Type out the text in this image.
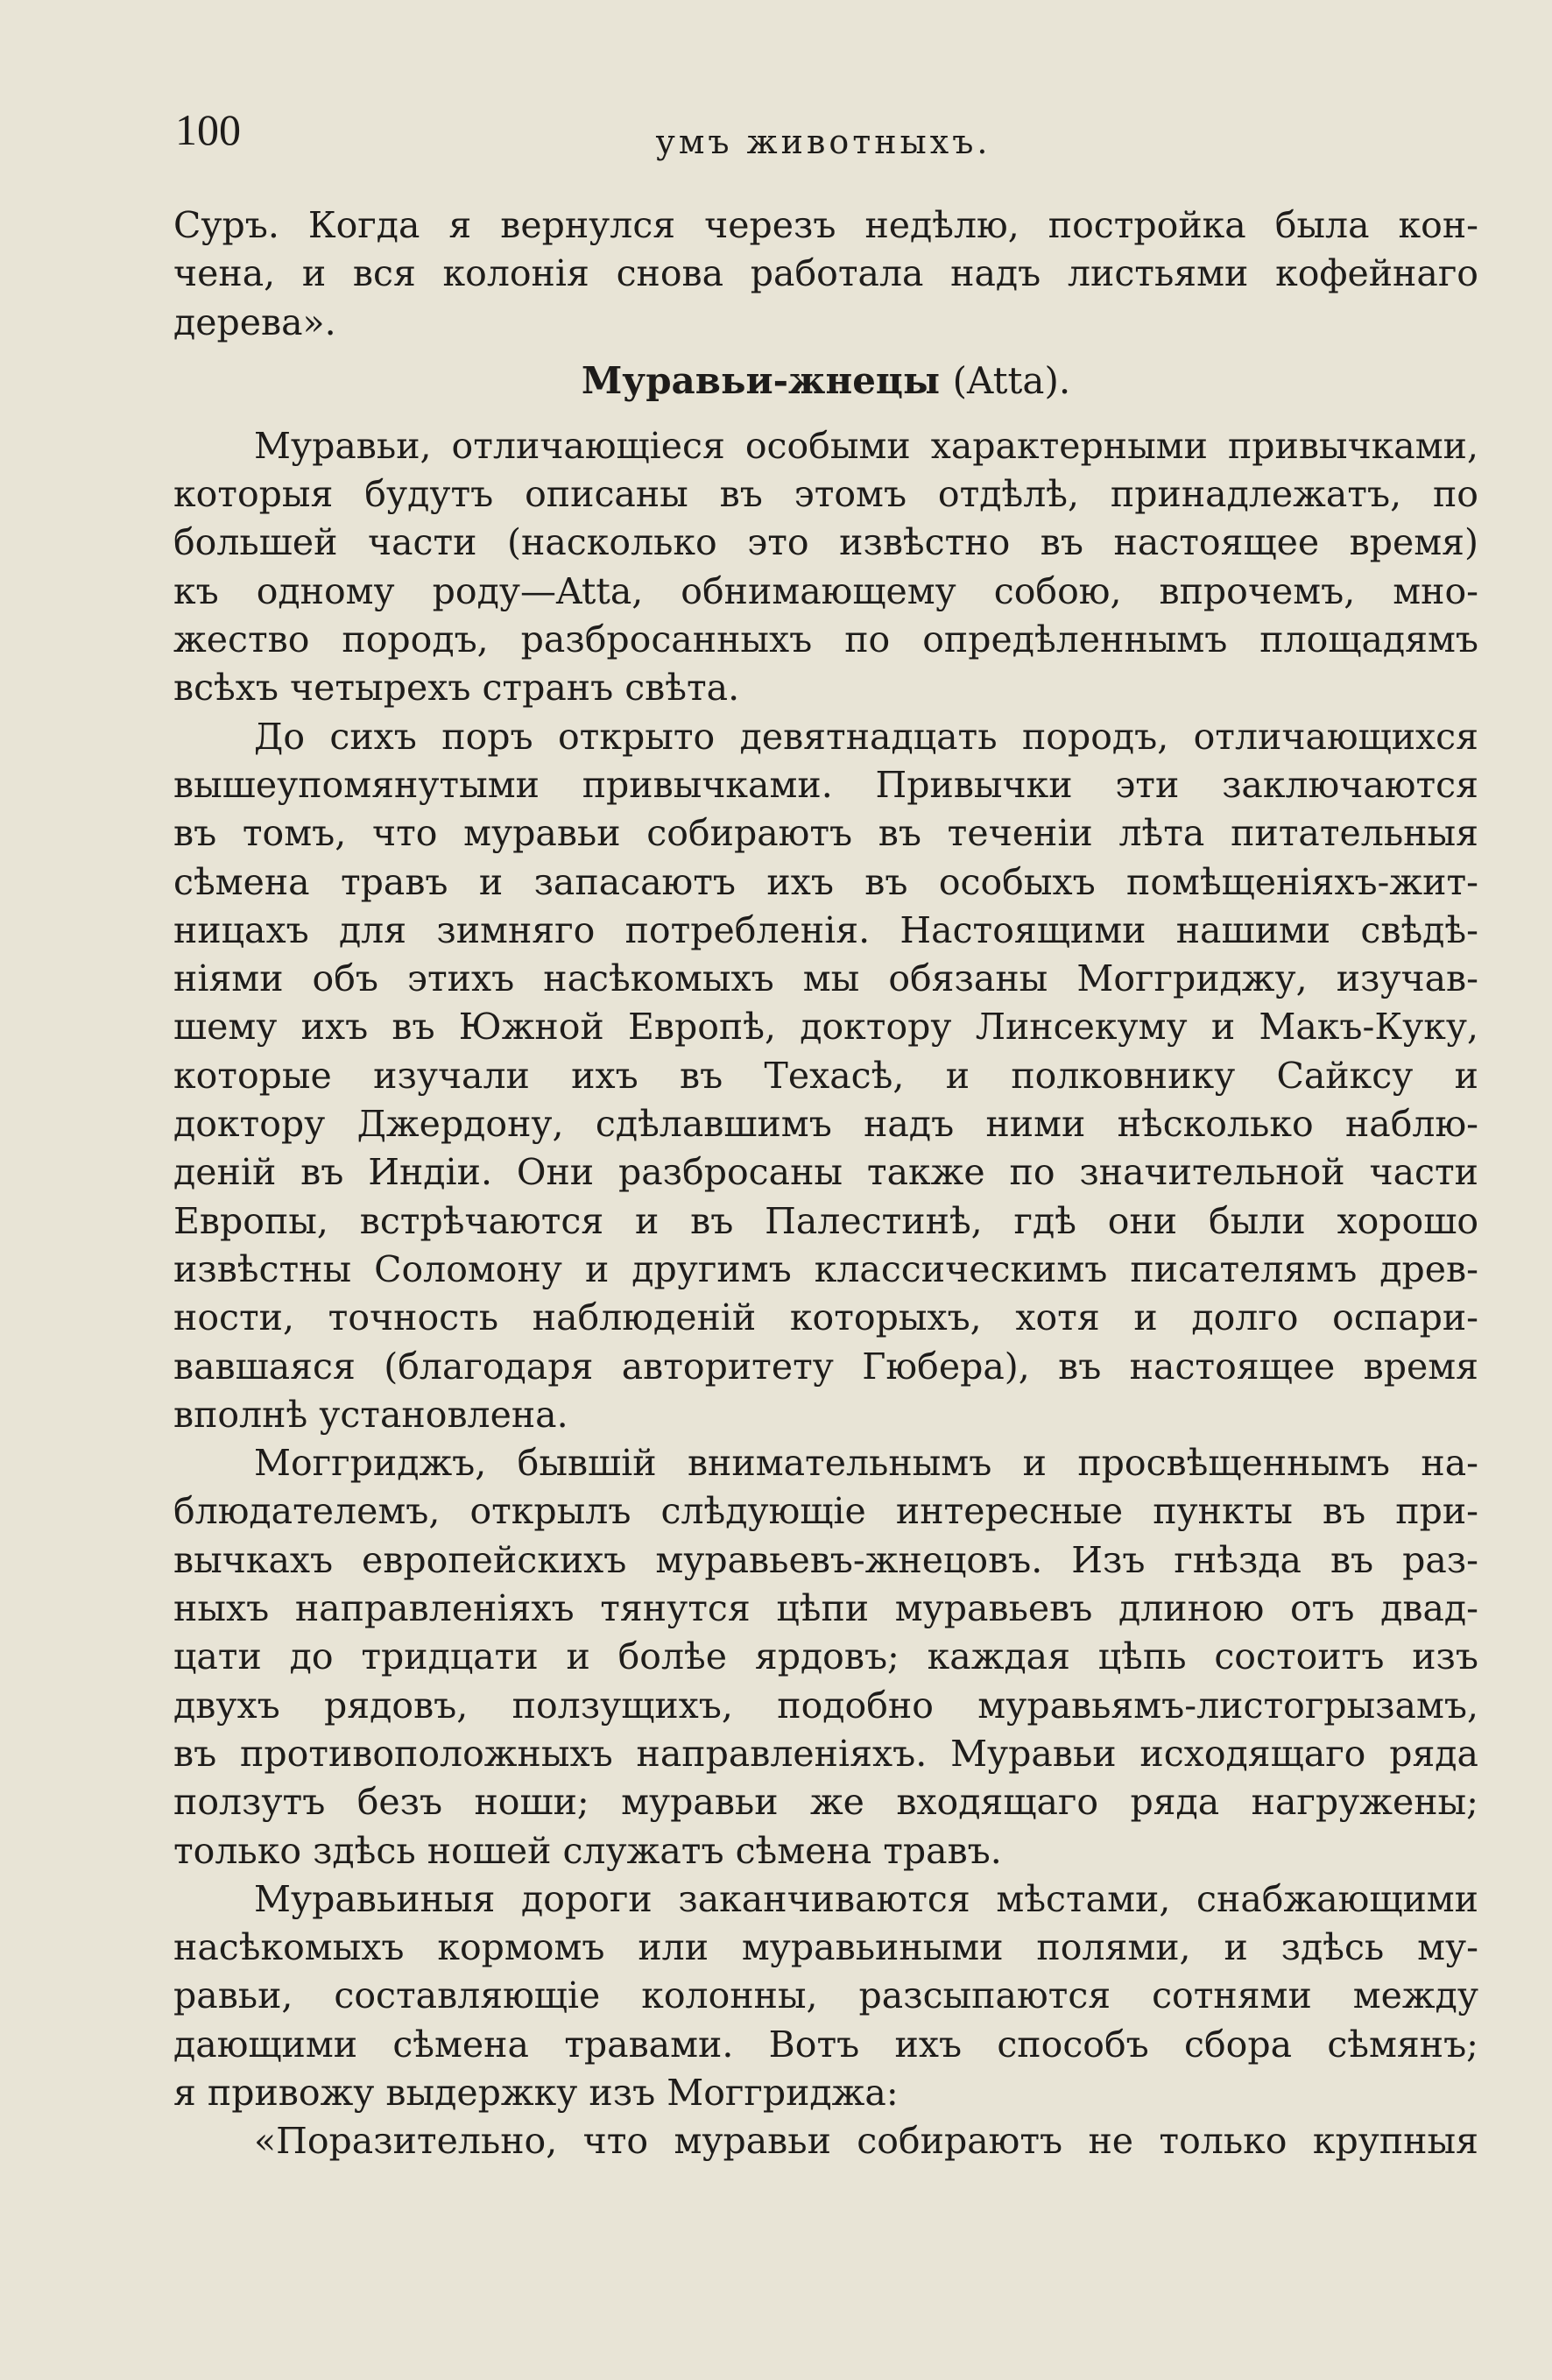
100	умъ животныхъ.
Суръ. Когда я вернулся черезъ недѣлю, постройка была кон-
чена, и вся колонія снова работала надъ листьями кофейнаго
дерева».
Муравьи-жнецы (Atta).
Муравьи, отличающіеся особыми характерными привычками,
которыя будутъ описаны въ этомъ отдѣлѣ, принадлежатъ, по
большей части (насколько это извѣстно въ настоящее время)
къ одному роду—Atta, обнимающему собою, впрочемъ, мно-
жество породъ, разбросанныхъ по опредѣленнымъ площадямъ
всѣхъ четырехъ странъ свѣта.
До сихъ поръ открыто девятнадцать породъ, отличающихся
вышеупомянутыми привычками. Привычки эти заключаются
въ томъ, что муравьи собираютъ въ теченіи лѣта питательныя
сѣмена травъ и запасаютъ ихъ въ особыхъ помѣщеніяхъ-жит-
ницахъ для зимняго потребленія. Настоящими нашими свѣдѣ-
ніями объ этихъ насѣкомыхъ мы обязаны Моггриджу, изучав-
шему ихъ въ Южной Европѣ, доктору Линсекуму и Макъ-Куку,
которые изучали ихъ въ Техасѣ, и полковнику Сайксу и
доктору Джердону, сдѣлавшимъ надъ ними нѣсколько наблю-
деній въ Индіи. Они разбросаны также по значительной части
Европы, встрѣчаются и въ Палестинѣ, гдѣ они были хорошо
извѣстны Соломону и другимъ классическимъ писателямъ древ-
ности, точность наблюденій которыхъ, хотя и долго оспари-
вавшаяся (благодаря авторитету Гюбера), въ настоящее время
вполнѣ установлена.
Моггриджъ, бывшій внимательнымъ и просвѣщеннымъ на-
блюдателемъ, открылъ слѣдующіе интересные пункты въ при-
вычкахъ европейскихъ муравьевъ-жнецовъ. Изъ гнѣзда въ раз-
ныхъ направленіяхъ тянутся цѣпи муравьевъ длиною отъ двад-
цати до тридцати и болѣе ярдовъ; каждая цѣпь состоитъ изъ
двухъ рядовъ, ползущихъ, подобно муравьямъ-листогрызамъ,
въ противоположныхъ направленіяхъ. Муравьи исходящаго ряда
ползутъ безъ ноши; муравьи же входящаго ряда нагружены;
только здѣсь ношей служатъ сѣмена травъ.
Муравьиныя дороги заканчиваются мѣстами, снабжающими
насѣкомыхъ кормомъ или муравьиными полями, и здѣсь му-
равьи, составляющіе колонны, разсыпаются сотнями между
дающими сѣмена травами. Вотъ ихъ способъ сбора сѣмянъ;
я привожу выдержку изъ Моггриджа:
«Поразительно, что муравьи собираютъ не только крупныя
